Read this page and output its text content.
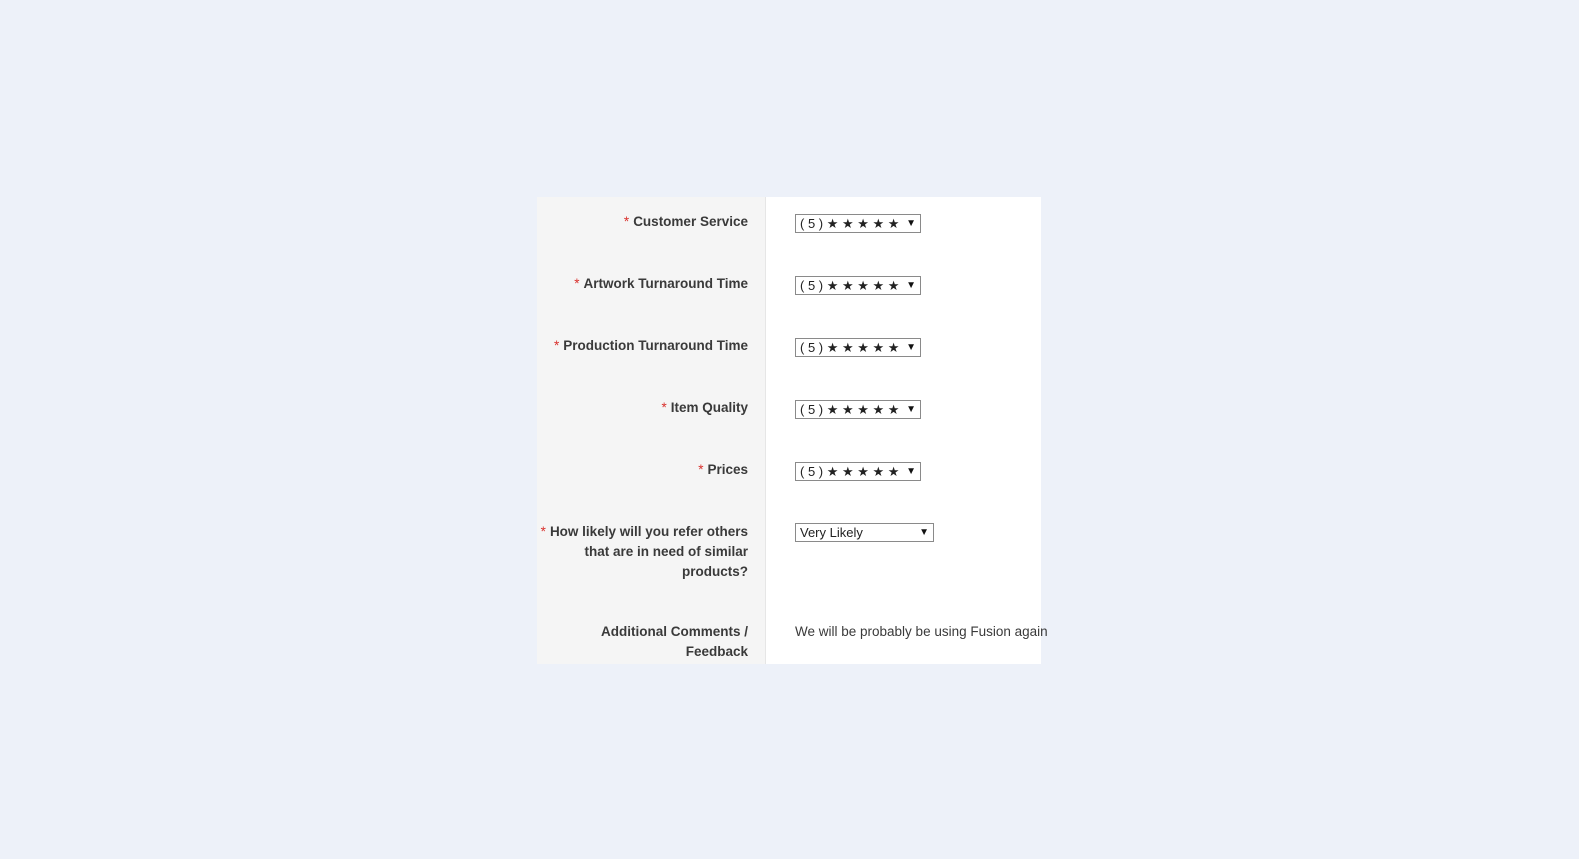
* Customer Service
* Artwork Turnaround Time
* Production Turnaround Time
* Item Quality
* Prices
* How likely will you refer others that are in need of similar products?
Additional Comments / Feedback
( 5 ) ★ ★ ★ ★ ★ ▼
( 5 ) ★ ★ ★ ★ ★ ▼
( 5 ) ★ ★ ★ ★ ★ ▼
( 5 ) ★ ★ ★ ★ ★ ▼
( 5 ) ★ ★ ★ ★ ★ ▼
Very Likely	▼
We will be probably be using Fusion again
